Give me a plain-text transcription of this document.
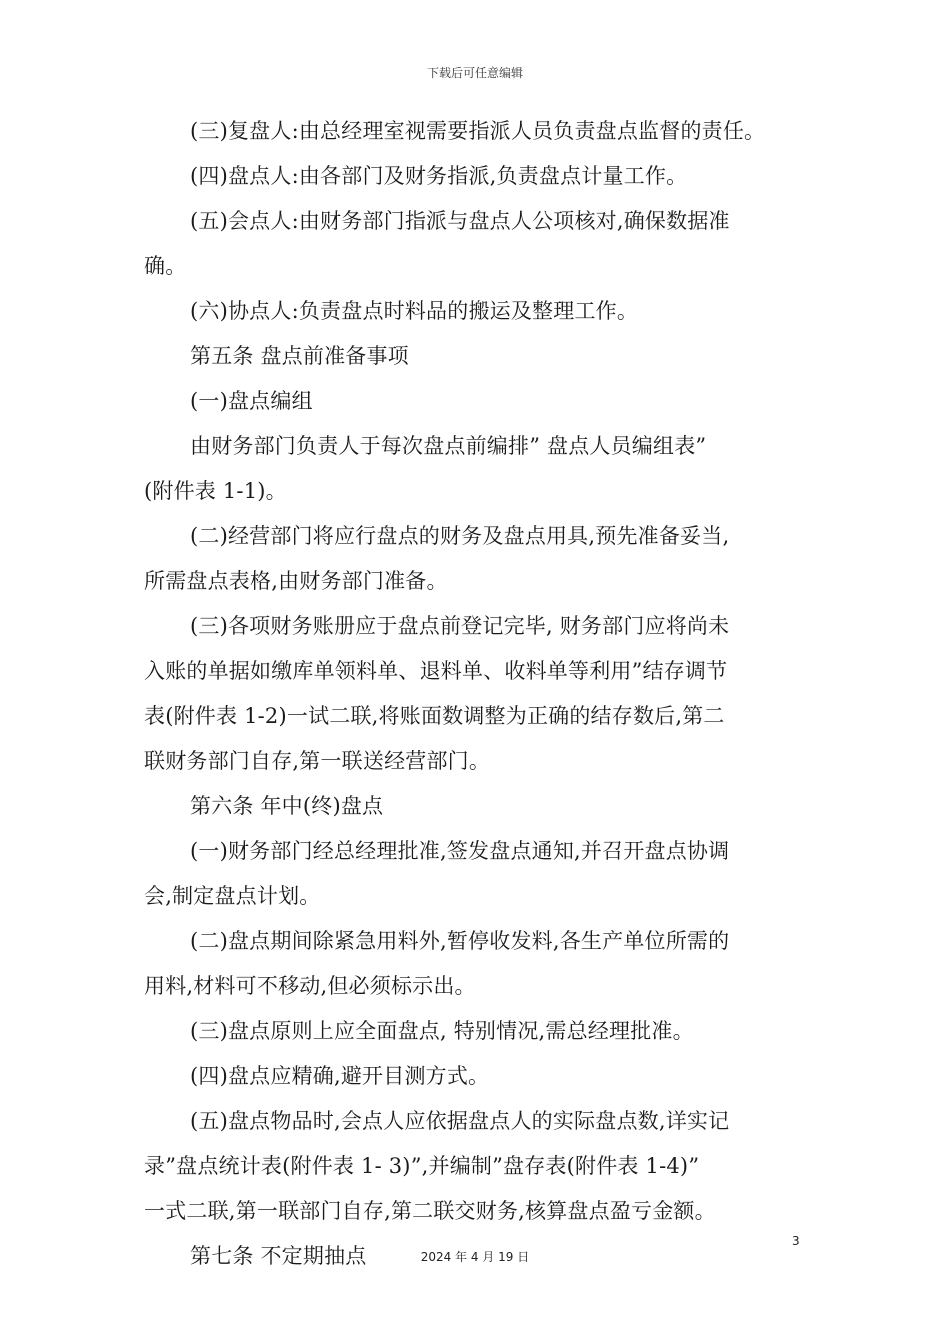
下载后可任意编辑

(三)复盘人:由总经理室视需要指派人员负责盘点监督的责任。

(四)盘点人:由各部门及财务指派,负责盘点计量工作。

(五)会点人:由财务部门指派与盘点人公项核对,确保数据准

确。

(六)协点人:负责盘点时料品的搬运及整理工作。

第五条 盘点前准备事项

(一)盘点编组

由财务部门负责人于每次盘点前编排” 盘点人员编组表”

(附件表 1-1)。

(二)经营部门将应行盘点的财务及盘点用具,预先准备妥当,

所需盘点表格,由财务部门准备。

(三)各项财务账册应于盘点前登记完毕, 财务部门应将尚未

入账的单据如缴库单领料单、退料单、收料单等利用”结存调节

表(附件表 1-2)一试二联,将账面数调整为正确的结存数后,第二

联财务部门自存,第一联送经营部门。

第六条 年中(终)盘点

(一)财务部门经总经理批准,签发盘点通知,并召开盘点协调

会,制定盘点计划。

(二)盘点期间除紧急用料外,暂停收发料,各生产单位所需的

用料,材料可不移动,但必须标示出。

(三)盘点原则上应全面盘点, 特别情况,需总经理批准。

(四)盘点应精确,避开目测方式。

(五)盘点物品时,会点人应依据盘点人的实际盘点数,详实记

录”盘点统计表(附件表 1- 3)”,并编制”盘存表(附件表 1-4)”

一式二联,第一联部门自存,第二联交财务,核算盘点盈亏金额。

第七条 不定期抽点

3
2024 年 4 月 19 日
